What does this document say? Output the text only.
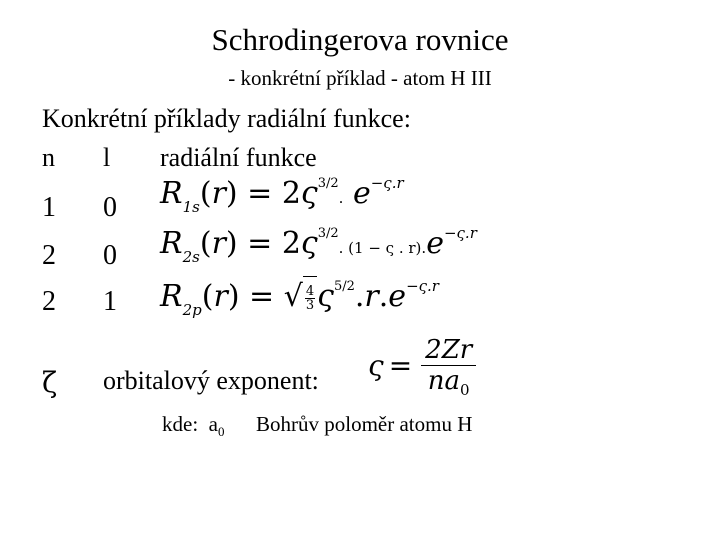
Schrodingerova rovnice
- konkrétní příklad - atom H III
Konkrétní příklady radiální funkce:
n l radiální funkce
1 0 $R_{1s}(r) = 2\varsigma^{3/2}$. $e^{-\varsigma.r}$
2 0 $R_{2s}(r) = 2\varsigma^{3/2}$. (1 − ς . $r).e^{-\varsigma.r}$
2 1 $R_{2p}(r)$ = √ $\frac{4}{3} \varsigma^{5/2}.r.e^{-\varsigma.r}$
ζ orbitalový exponent: $\varsigma = \frac{2Zr}{na_0}$
kde: $a_0$ Bohrův poloměr atomu H
